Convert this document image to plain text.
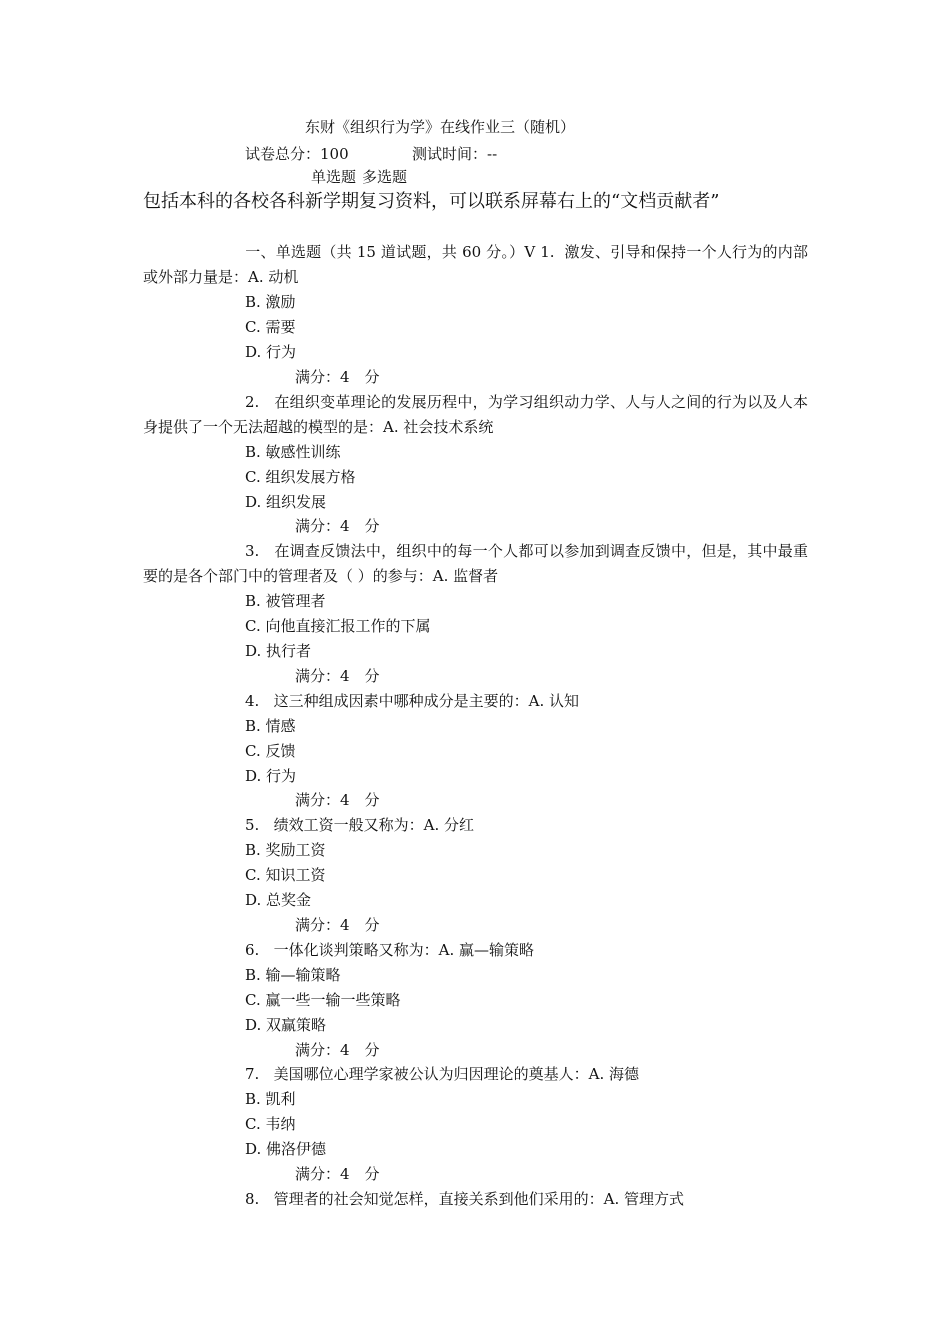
东财《组织行为学》在线作业三（随机）
试卷总分：100	测试时间：--
单选题 多选题
包括本科的各校各科新学期复习资料，可以联系屏幕右上的“文档贡献者”
一、单选题（共 15 道试题，共 60 分。）V 1. 激发、引导和保持一个人行为的内部或外部力量是：A. 动机
B. 激励
C. 需要
D. 行为
满分：4　分
2. 在组织变革理论的发展历程中，为学习组织动力学、人与人之间的行为以及人本身提供了一个无法超越的模型的是：A. 社会技术系统
B. 敏感性训练
C. 组织发展方格
D. 组织发展
满分：4　分
3. 在调查反馈法中，组织中的每一个人都可以参加到调查反馈中，但是，其中最重要的是各个部门中的管理者及（ ）的参与：A. 监督者
B. 被管理者
C. 向他直接汇报工作的下属
D. 执行者
满分：4　分
4. 这三种组成因素中哪种成分是主要的：A. 认知
B. 情感
C. 反馈
D. 行为
满分：4　分
5. 绩效工资一般又称为：A. 分红
B. 奖励工资
C. 知识工资
D. 总奖金
满分：4　分
6. 一体化谈判策略又称为：A. 赢—输策略
B. 输—输策略
C. 赢一些一输一些策略
D. 双赢策略
满分：4　分
7. 美国哪位心理学家被公认为归因理论的奠基人：A. 海德
B. 凯利
C. 韦纳
D. 佛洛伊德
满分：4　分
8. 管理者的社会知觉怎样，直接关系到他们采用的：A. 管理方式
